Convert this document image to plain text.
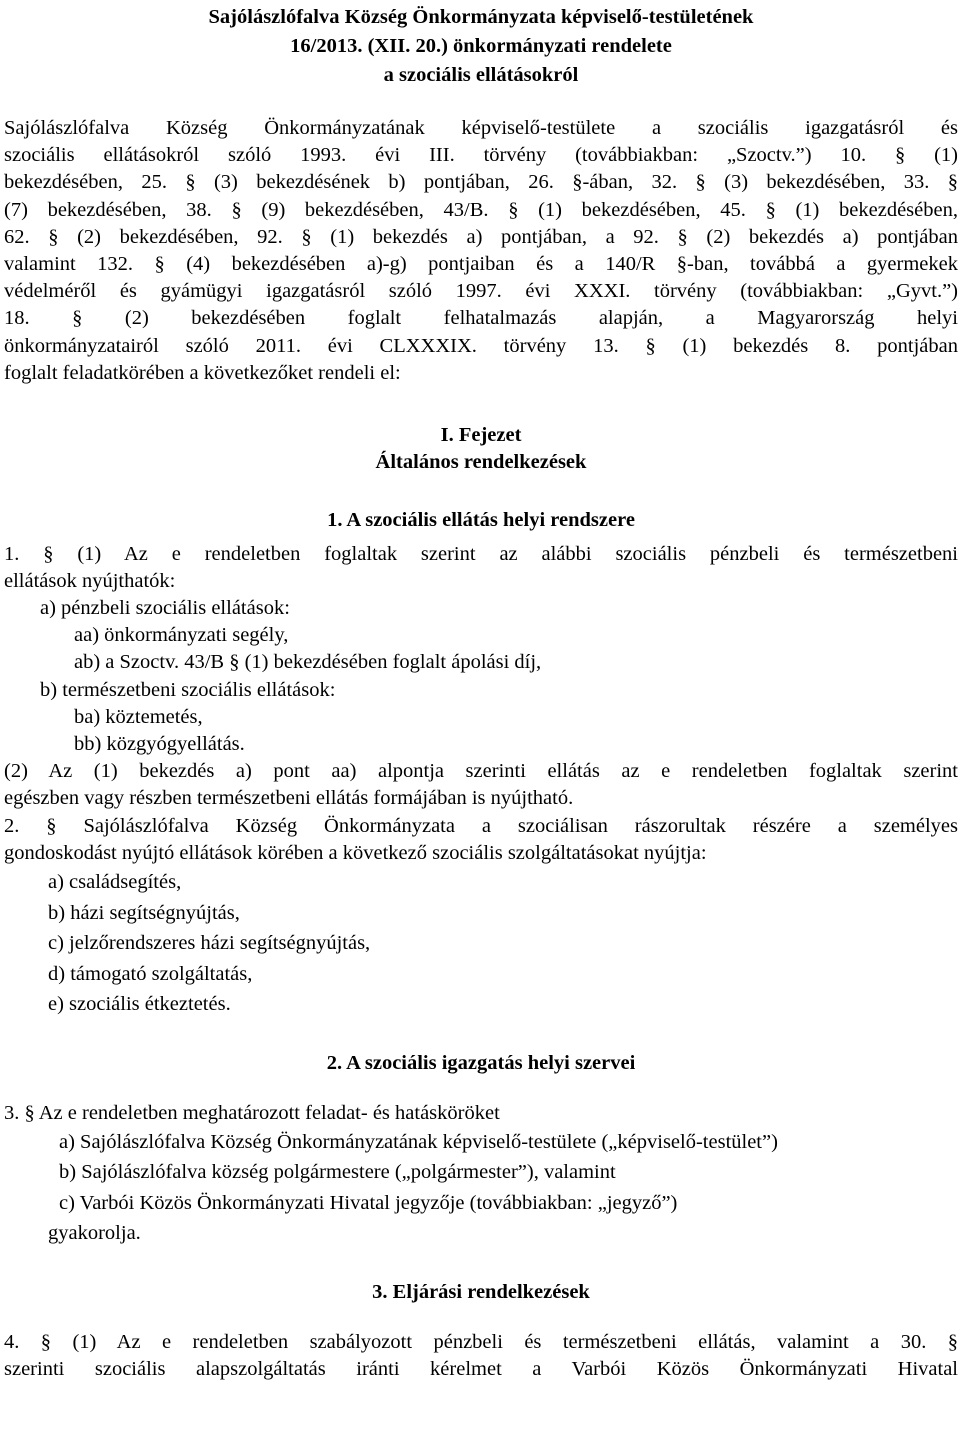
Sajólászlófalva Község Önkormányzata képviselő-testületének
16/2013. (XII. 20.) önkormányzati rendelete
a szociális ellátásokról
Sajólászlófalva Község Önkormányzatának képviselő-testülete a szociális igazgatásról és
szociális ellátásokról szóló 1993. évi III. törvény (továbbiakban: „Szoctv.”) 10. § (1)
bekezdésében, 25. § (3) bekezdésének b) pontjában, 26. §-ában, 32. § (3) bekezdésében, 33. §
(7) bekezdésében, 38. § (9) bekezdésében, 43/B. § (1) bekezdésében, 45. § (1) bekezdésében,
62. § (2) bekezdésében, 92. § (1) bekezdés a) pontjában, a 92. § (2) bekezdés a) pontjában
valamint 132. § (4) bekezdésében a)-g) pontjaiban és a 140/R §-ban, továbbá a gyermekek
védelméről és gyámügyi igazgatásról szóló 1997. évi XXXI. törvény (továbbiakban: „Gyvt.”)
18. § (2) bekezdésében foglalt felhatalmazás alapján, a Magyarország helyi
önkormányzatairól szóló 2011. évi CLXXXIX. törvény 13. § (1) bekezdés 8. pontjában
foglalt feladatkörében a következőket rendeli el:
I. Fejezet
Általános rendelkezések
1. A szociális ellátás helyi rendszere
1. § (1) Az e rendeletben foglaltak szerint az alábbi szociális pénzbeli és természetbeni
ellátások nyújthatók:
a) pénzbeli szociális ellátások:
aa) önkormányzati segély,
ab) a Szoctv. 43/B § (1) bekezdésében foglalt ápolási díj,
b) természetbeni szociális ellátások:
ba) köztemetés,
bb) közgyógyellátás.
(2) Az (1) bekezdés a) pont aa) alpontja szerinti ellátás az e rendeletben foglaltak szerint
egészben vagy részben természetbeni ellátás formájában is nyújtható.
2. § Sajólászlófalva Község Önkormányzata a szociálisan rászorultak részére a személyes
gondoskodást nyújtó ellátások körében a következő szociális szolgáltatásokat nyújtja:
a) családsegítés,
b) házi segítségnyújtás,
c) jelzőrendszeres házi segítségnyújtás,
d) támogató szolgáltatás,
e) szociális étkeztetés.
2. A szociális igazgatás helyi szervei
3. § Az e rendeletben meghatározott feladat- és hatásköröket
a) Sajólászlófalva Község Önkormányzatának képviselő-testülete („képviselő-testület”)
b) Sajólászlófalva község polgármestere („polgármester”), valamint
c) Varbói Közös Önkormányzati Hivatal jegyzője (továbbiakban: „jegyző”)
gyakorolja.
3. Eljárási rendelkezések
4. § (1) Az e rendeletben szabályozott pénzbeli és természetbeni ellátás, valamint a 30. §
szerinti szociális alapszolgáltatás iránti kérelmet a Varbói Közös Önkormányzati Hivatal
